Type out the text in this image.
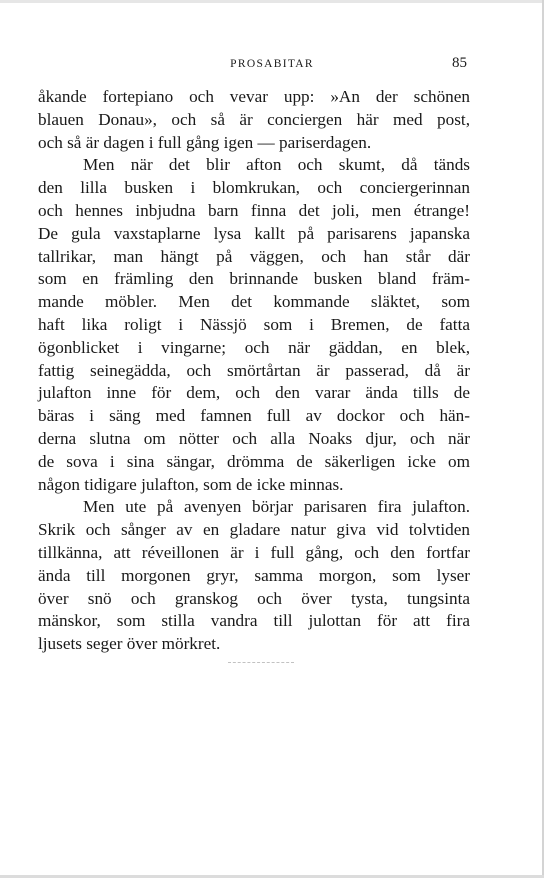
PROSABITAR	85
åkande fortepiano och vevar upp: »An der schönen
blauen Donau», och så är conciergen här med post,
och så är dagen i full gång igen — pariserdagen.
Men när det blir afton och skumt, då tänds
den lilla busken i blomkrukan, och conciergerinnan
och hennes inbjudna barn finna det joli, men étrange!
De gula vaxstaplarne lysa kallt på parisarens japanska
tallrikar, man hängt på väggen, och han står där
som en främling den brinnande busken bland främ-
mande möbler. Men det kommande släktet, som
haft lika roligt i Nässjö som i Bremen, de fatta
ögonblicket i vingarne; och när gäddan, en blek,
fattig seinegädda, och smörtårtan är passerad, då är
julafton inne för dem, och den varar ända tills de
bäras i säng med famnen full av dockor och hän-
derna slutna om nötter och alla Noaks djur, och när
de sova i sina sängar, drömma de säkerligen icke om
någon tidigare julafton, som de icke minnas.
Men ute på avenyen börjar parisaren fira julafton.
Skrik och sånger av en gladare natur giva vid tolvtiden
tillkänna, att réveillonen är i full gång, och den fortfar
ända till morgonen gryr, samma morgon, som lyser
över snö och granskog och över tysta, tungsinta
mänskor, som stilla vandra till julottan för att fira
ljusets seger över mörkret.
